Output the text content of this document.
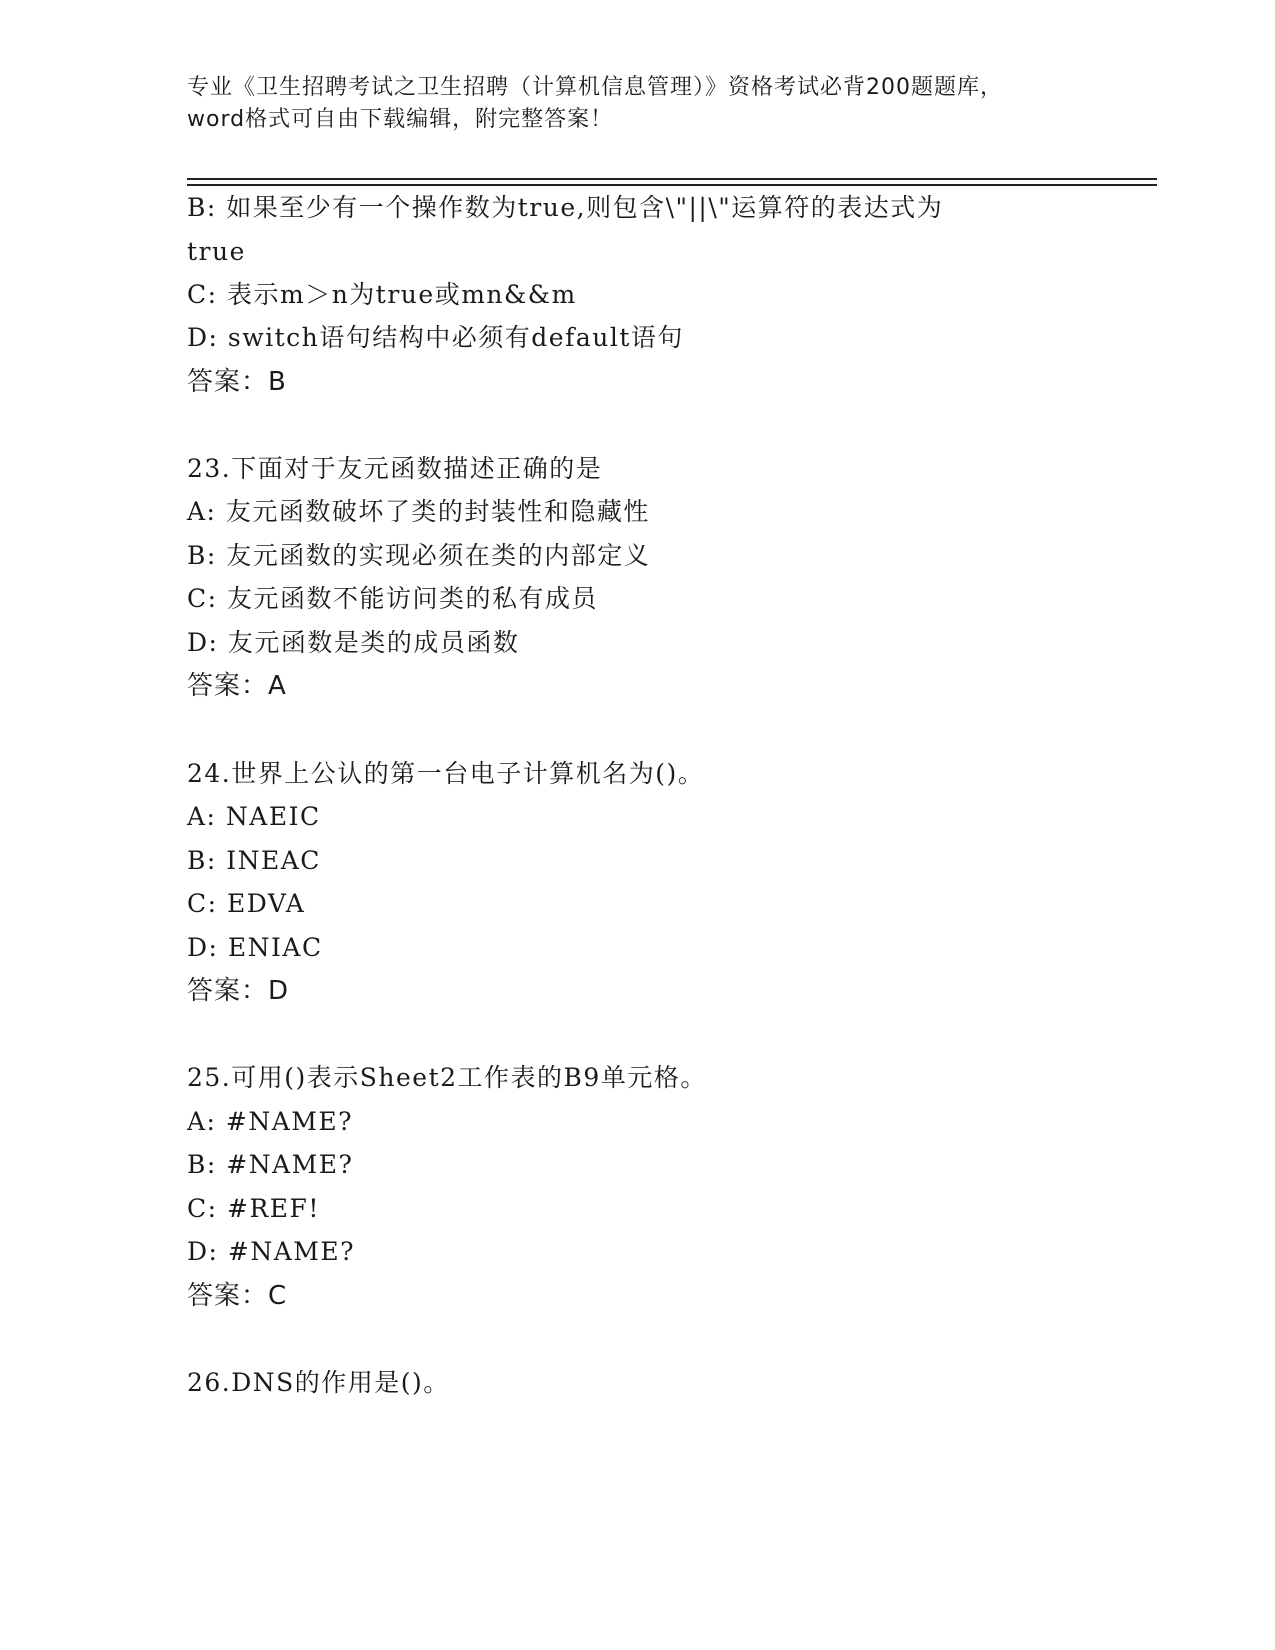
专业《卫生招聘考试之卫生招聘（计算机信息管理）》资格考试必背200题题库，
word格式可自由下载编辑，附完整答案！
B: 如果至少有一个操作数为true,则包含\"||\"运算符的表达式为
true
C: 表示m＞n为true或mn&&m
D: switch语句结构中必须有default语句
答案：B
23.下面对于友元函数描述正确的是
A: 友元函数破坏了类的封装性和隐藏性
B: 友元函数的实现必须在类的内部定义
C: 友元函数不能访问类的私有成员
D: 友元函数是类的成员函数
答案：A
24.世界上公认的第一台电子计算机名为()。
A: NAEIC
B: INEAC
C: EDVA
D: ENIAC
答案：D
25.可用()表示Sheet2工作表的B9单元格。
A: #NAME?
B: #NAME?
C: #REF!
D: #NAME?
答案：C
26.DNS的作用是()。
